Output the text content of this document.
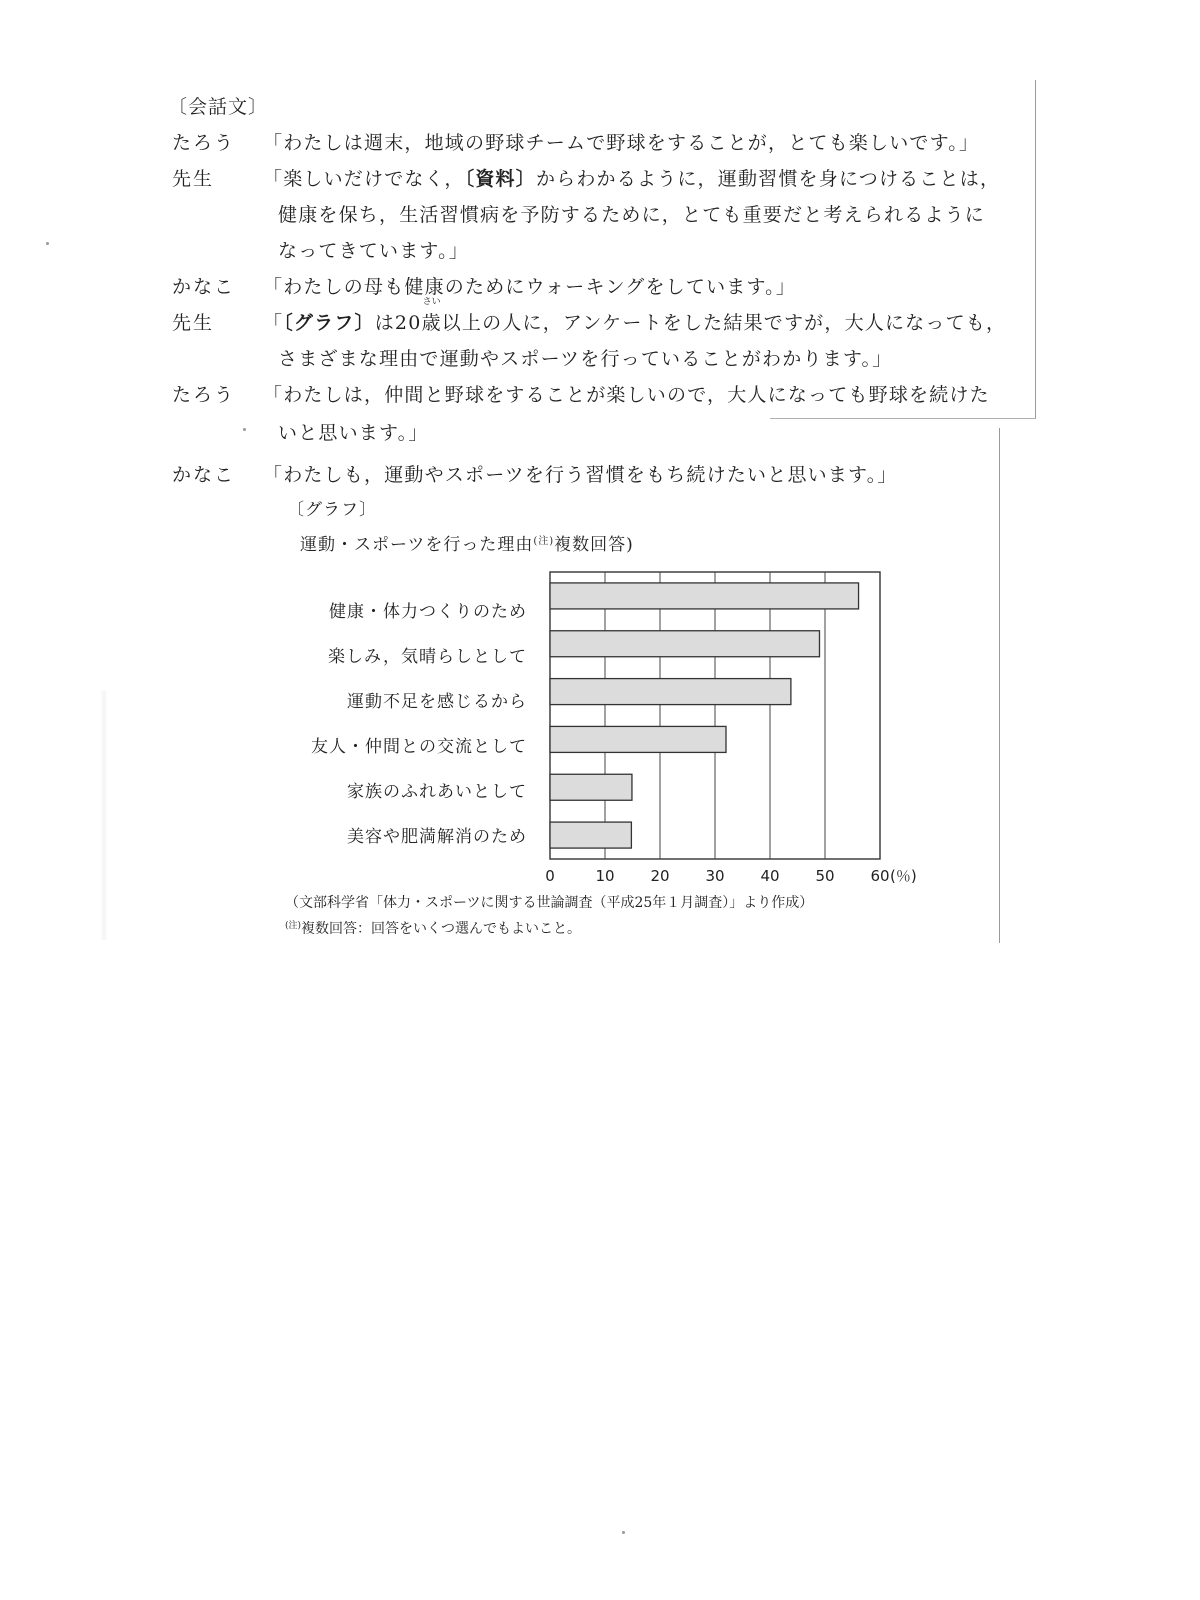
〔会話文〕
たろう 「わたしは週末，地域の野球チームで野球をすることが，とても楽しいです。」
先生	「楽しいだけでなく，〔資料〕からわかるように，運動習慣を身につけることは，
健康を保ち，生活習慣病を予防するために，とても重要だと考えられるように
なってきています。」
かなこ 「わたしの母も健康のためにウォーキングをしています。」
先生	「〔グラフ〕は20歳
さい
以上の人に，アンケートをした結果ですが，大人になっても，
さまざまな理由で運動やスポーツを行っていることがわかります。」
たろう 「わたしは，仲間と野球をすることが楽しいので，大人になっても野球を続けた
いと思います。」
かなこ 「わたしも，運動やスポーツを行う習慣をもち続けたいと思います。」
〔グラフ〕
運動・スポーツを行った理由$^{(注)}$複数回答)
健康・体力つくりのため
楽しみ，気晴らしとして
運動不足を感じるから
友人・仲間との交流として
家族のふれあいとして
美容や肥満解消のため
0	10 20 30 40 50 60 (％)
（文部科学省「体力・スポーツに関する世論調査（平成25年１月調査）」より作成）
$^{(注)}$複数回答：回答をいくつ選んでもよいこと。
